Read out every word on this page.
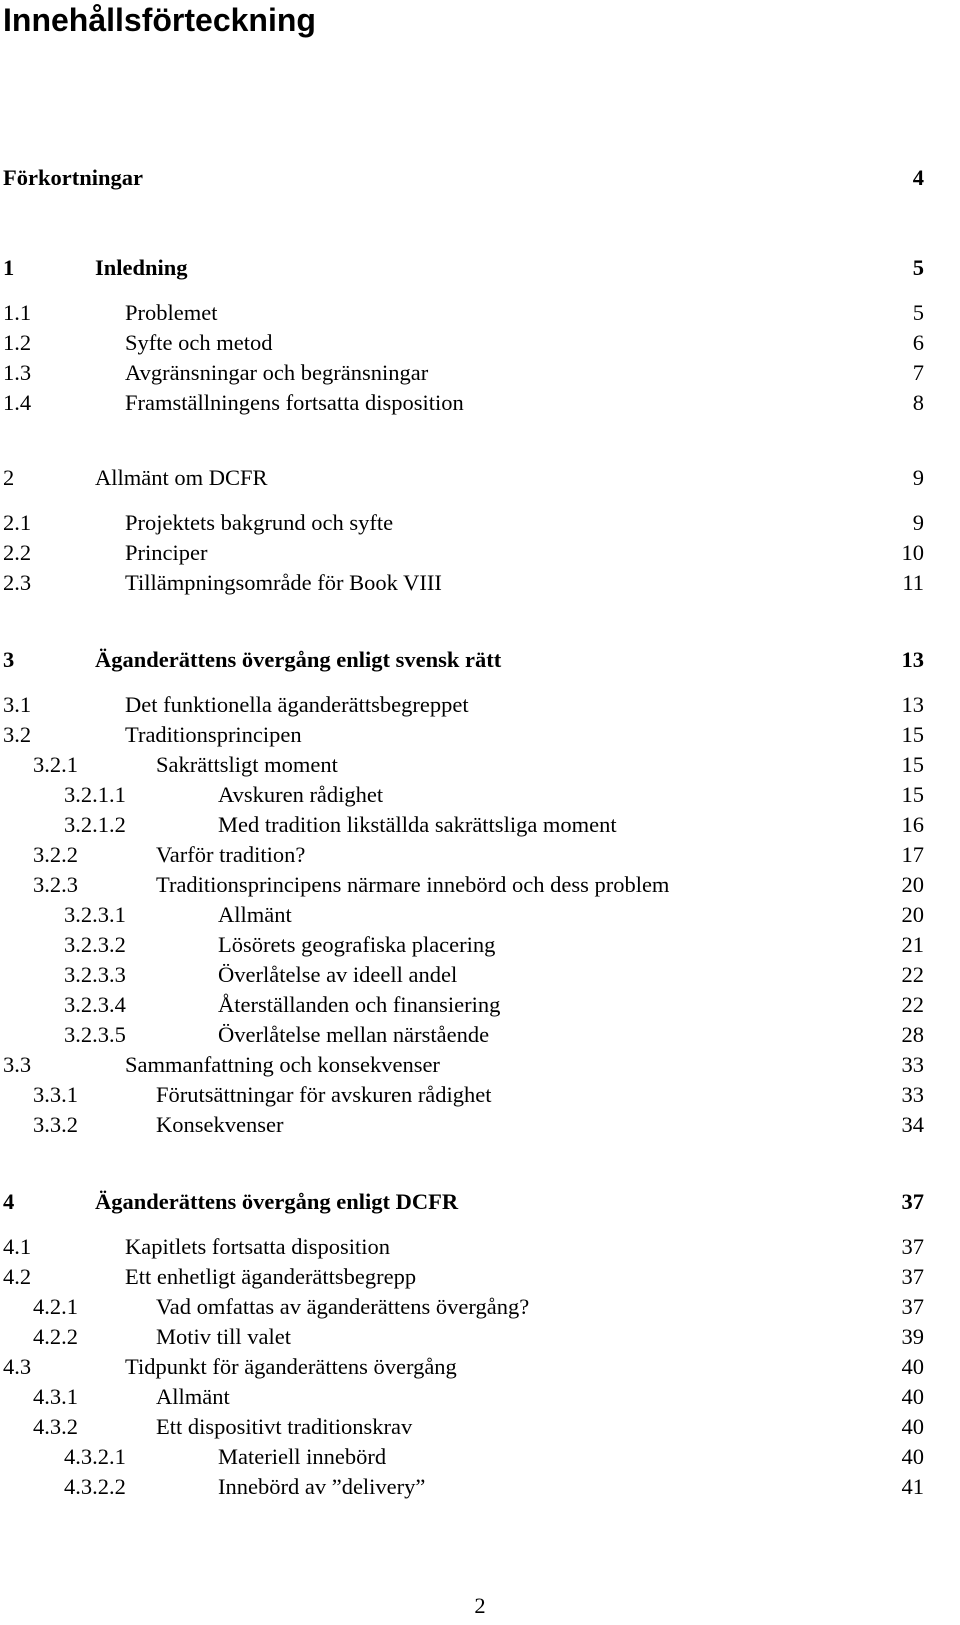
Innehållsförteckning
Förkortningar	4
1	Inledning	5
1.1	Problemet	5
1.2	Syfte och metod	6
1.3	Avgränsningar och begränsningar	7
1.4	Framställningens fortsatta disposition	8
2	Allmänt om DCFR	9
2.1	Projektets bakgrund och syfte	9
2.2	Principer	10
2.3	Tillämpningsområde för Book VIII	11
3	Äganderättens övergång enligt svensk rätt	13
3.1	Det funktionella äganderättsbegreppet	13
3.2	Traditionsprincipen	15
3.2.1	Sakrättsligt moment	15
3.2.1.1	Avskuren rådighet	15
3.2.1.2	Med tradition likställda sakrättsliga moment	16
3.2.2	Varför tradition?	17
3.2.3	Traditionsprincipens närmare innebörd och dess problem	20
3.2.3.1	Allmänt	20
3.2.3.2	Lösörets geografiska placering	21
3.2.3.3	Överlåtelse av ideell andel	22
3.2.3.4	Återställanden och finansiering	22
3.2.3.5	Överlåtelse mellan närstående	28
3.3	Sammanfattning och konsekvenser	33
3.3.1	Förutsättningar för avskuren rådighet	33
3.3.2	Konsekvenser	34
4	Äganderättens övergång enligt DCFR	37
4.1	Kapitlets fortsatta disposition	37
4.2	Ett enhetligt äganderättsbegrepp	37
4.2.1	Vad omfattas av äganderättens övergång?	37
4.2.2	Motiv till valet	39
4.3	Tidpunkt för äganderättens övergång	40
4.3.1	Allmänt	40
4.3.2	Ett dispositivt traditionskrav	40
4.3.2.1	Materiell innebörd	40
4.3.2.2	Innebörd av ”delivery”	41
2
